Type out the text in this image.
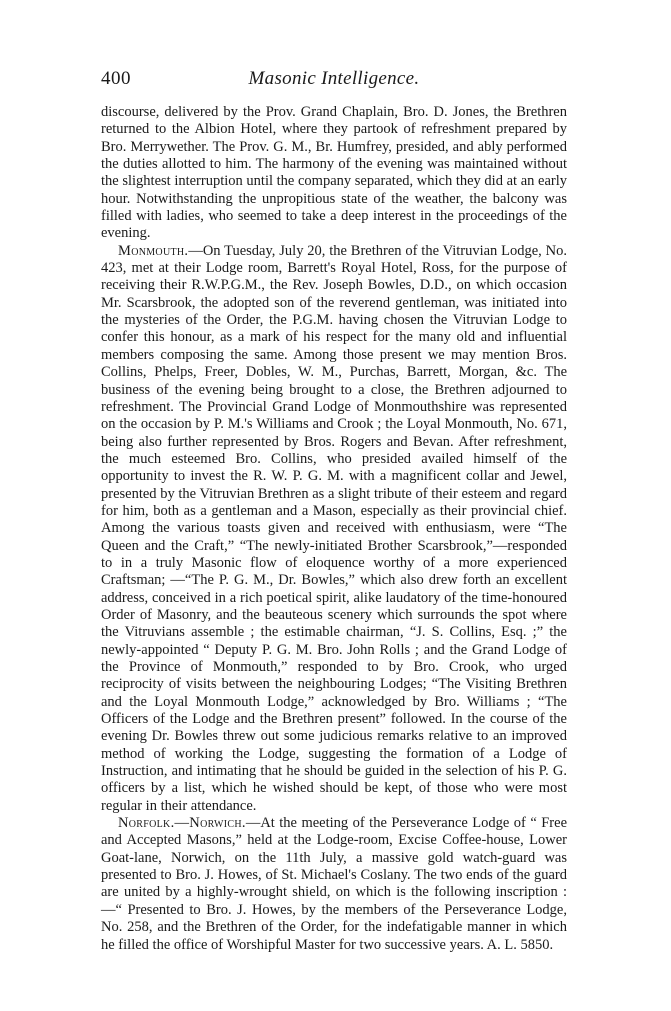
400	Masonic Intelligence.

discourse, delivered by the Prov. Grand Chaplain, Bro. D. Jones, the Brethren returned to the Albion Hotel, where they partook of refreshment prepared by Bro. Merrywether. The Prov. G. M., Br. Humfrey, presided, and ably performed the duties allotted to him. The harmony of the evening was maintained without the slightest interruption until the company separated, which they did at an early hour. Notwithstanding the unpropitious state of the weather, the balcony was filled with ladies, who seemed to take a deep interest in the proceedings of the evening.

Monmouth.—On Tuesday, July 20, the Brethren of the Vitruvian Lodge, No. 423, met at their Lodge room, Barrett's Royal Hotel, Ross, for the purpose of receiving their R.W.P.G.M., the Rev. Joseph Bowles, D.D., on which occasion Mr. Scarsbrook, the adopted son of the reverend gentleman, was initiated into the mysteries of the Order, the P.G.M. having chosen the Vitruvian Lodge to confer this honour, as a mark of his respect for the many old and influential members composing the same. Among those present we may mention Bros. Collins, Phelps, Freer, Dobles, W. M., Purchas, Barrett, Morgan, &c. The business of the evening being brought to a close, the Brethren adjourned to refreshment. The Provincial Grand Lodge of Monmouthshire was represented on the occasion by P. M.'s Williams and Crook ; the Loyal Monmouth, No. 671, being also further represented by Bros. Rogers and Bevan. After refreshment, the much esteemed Bro. Collins, who presided availed himself of the opportunity to invest the R. W. P. G. M. with a magnificent collar and Jewel, presented by the Vitruvian Brethren as a slight tribute of their esteem and regard for him, both as a gentleman and a Mason, especially as their provincial chief. Among the various toasts given and received with enthusiasm, were “The Queen and the Craft,” “The newly-initiated Brother Scarsbrook,”—responded to in a truly Masonic flow of eloquence worthy of a more experienced Craftsman; —“The P. G. M., Dr. Bowles,” which also drew forth an excellent address, conceived in a rich poetical spirit, alike laudatory of the time-honoured Order of Masonry, and the beauteous scenery which surrounds the spot where the Vitruvians assemble ; the estimable chairman, “J. S. Collins, Esq. ;” the newly-appointed “ Deputy P. G. M. Bro. John Rolls ; and the Grand Lodge of the Province of Monmouth,” responded to by Bro. Crook, who urged reciprocity of visits between the neighbouring Lodges; “The Visiting Brethren and the Loyal Monmouth Lodge,” acknowledged by Bro. Williams ; “The Officers of the Lodge and the Brethren present” followed. In the course of the evening Dr. Bowles threw out some judicious remarks relative to an improved method of working the Lodge, suggesting the formation of a Lodge of Instruction, and intimating that he should be guided in the selection of his P. G. officers by a list, which he wished should be kept, of those who were most regular in their attendance.

Norfolk.—Norwich.—At the meeting of the Perseverance Lodge of “ Free and Accepted Masons,” held at the Lodge-room, Excise Coffee-house, Lower Goat-lane, Norwich, on the 11th July, a massive gold watch-guard was presented to Bro. J. Howes, of St. Michael's Coslany. The two ends of the guard are united by a highly-wrought shield, on which is the following inscription :—“ Presented to Bro. J. Howes, by the members of the Perseverance Lodge, No. 258, and the Brethren of the Order, for the indefatigable manner in which he filled the office of Worshipful Master for two successive years. A. L. 5850.
